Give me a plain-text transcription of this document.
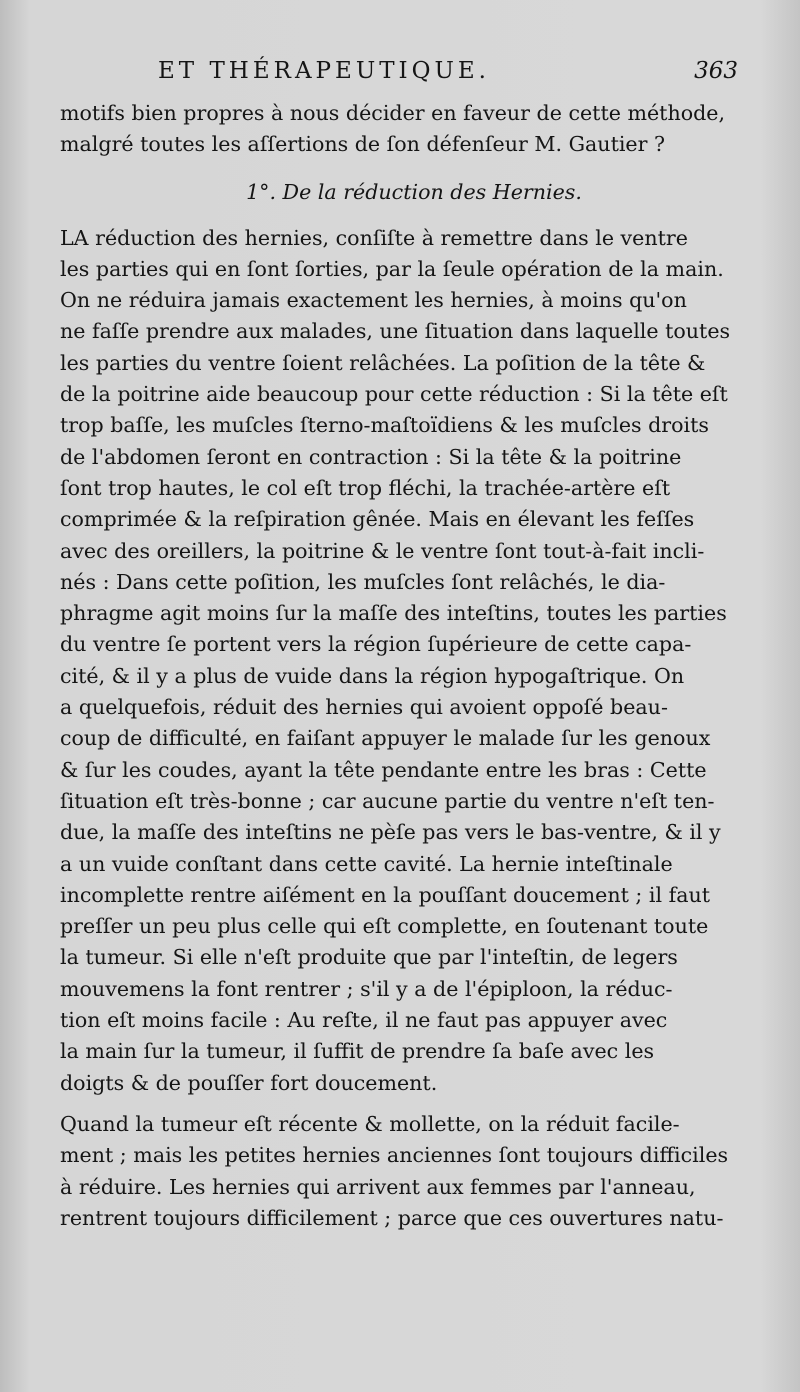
ET THÉRAPEUTIQUE.	363
motifs bien propres à nous décider en faveur de cette méthode,
malgré toutes les aſſertions de ſon défenſeur M. Gautier ?
1°. De la réduction des Hernies.
LA réduction des hernies, conſiſte à remettre dans le ventre
les parties qui en ſont ſorties, par la ſeule opération de la main.
On ne réduira jamais exactement les hernies, à moins qu'on
ne faſſe prendre aux malades, une ſituation dans laquelle toutes
les parties du ventre ſoient relâchées. La poſition de la tête &
de la poitrine aide beaucoup pour cette réduction : Si la tête eſt
trop baſſe, les muſcles ſterno-maſtoïdiens & les muſcles droits
de l'abdomen ſeront en contraction : Si la tête & la poitrine
ſont trop hautes, le col eſt trop fléchi, la trachée-artère eſt
comprimée & la reſpiration gênée. Mais en élevant les feſſes
avec des oreillers, la poitrine & le ventre ſont tout-à-fait incli-
nés : Dans cette poſition, les muſcles ſont relâchés, le dia-
phragme agit moins ſur la maſſe des inteſtins, toutes les parties
du ventre ſe portent vers la région ſupérieure de cette capa-
cité, & il y a plus de vuide dans la région hypogaſtrique. On
a quelquefois, réduit des hernies qui avoient oppoſé beau-
coup de difficulté, en faiſant appuyer le malade ſur les genoux
& ſur les coudes, ayant la tête pendante entre les bras : Cette
ſituation eſt très-bonne ; car aucune partie du ventre n'eſt ten-
due, la maſſe des inteſtins ne pèſe pas vers le bas-ventre, & il y
a un vuide conſtant dans cette cavité. La hernie inteſtinale
incomplette rentre aiſément en la pouſſant doucement ; il faut
preſſer un peu plus celle qui eſt complette, en ſoutenant toute
la tumeur. Si elle n'eſt produite que par l'inteſtin, de legers
mouvemens la font rentrer ; s'il y a de l'épiploon, la réduc-
tion eſt moins facile : Au reſte, il ne faut pas appuyer avec
la main ſur la tumeur, il ſuffit de prendre ſa baſe avec les
doigts & de pouſſer fort doucement.
Quand la tumeur eſt récente & mollette, on la réduit facile-
ment ; mais les petites hernies anciennes ſont toujours difficiles
à réduire. Les hernies qui arrivent aux femmes par l'anneau,
rentrent toujours difficilement ; parce que ces ouvertures natu-
